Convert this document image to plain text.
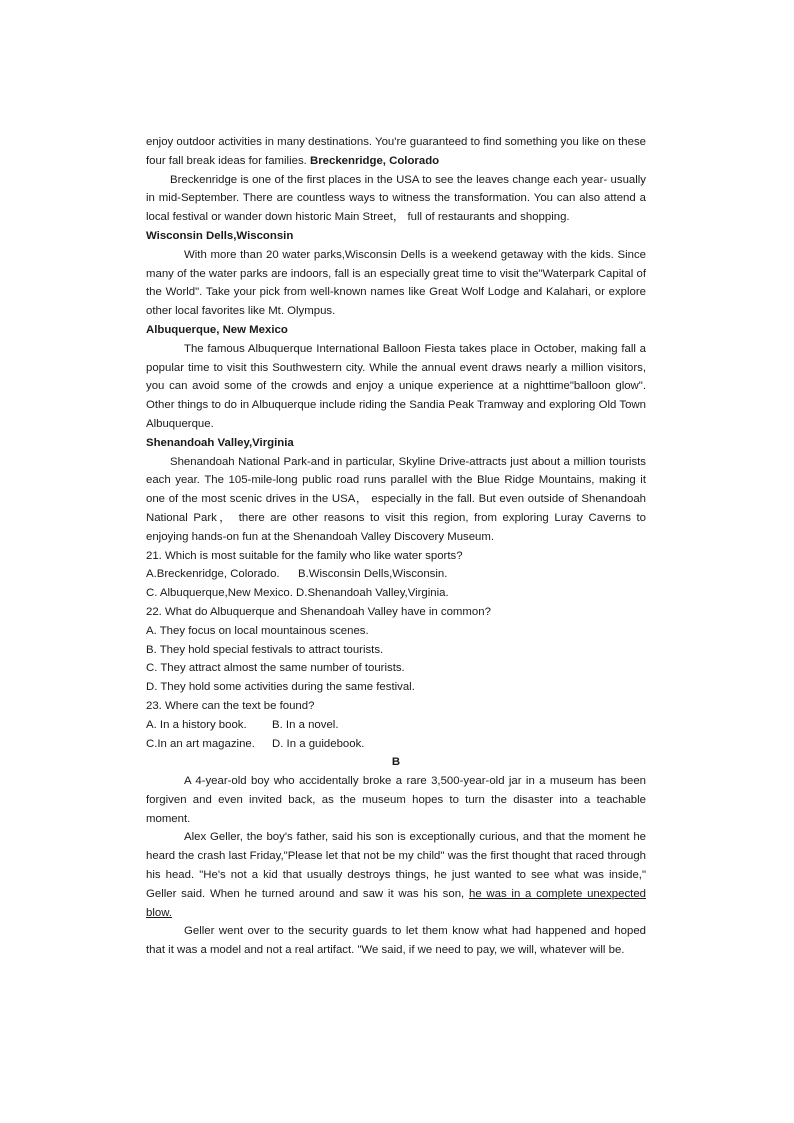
enjoy outdoor activities in many destinations. You're guaranteed to find something you like on these four fall break ideas for families. Breckenridge, Colorado

Breckenridge is one of the first places in the USA to see the leaves change each year- usually in mid-September. There are countless ways to witness the transformation. You can also attend a local festival or wander down historic Main Street， full of restaurants and shopping.

Wisconsin Dells,Wisconsin

With more than 20 water parks,Wisconsin Dells is a weekend getaway with the kids. Since many of the water parks are indoors, fall is an especially great time to visit the"Waterpark Capital of the World". Take your pick from well-known names like Great Wolf Lodge and Kalahari, or explore other local favorites like Mt. Olympus.

Albuquerque, New Mexico

The famous Albuquerque International Balloon Fiesta takes place in October, making fall a popular time to visit this Southwestern city. While the annual event draws nearly a million visitors, you can avoid some of the crowds and enjoy a unique experience at a nighttime"balloon glow". Other things to do in Albuquerque include riding the Sandia Peak Tramway and exploring Old Town Albuquerque.

Shenandoah Valley,Virginia

Shenandoah National Park-and in particular, Skyline Drive-attracts just about a million tourists each year. The 105-mile-long public road runs parallel with the Blue Ridge Mountains, making it one of the most scenic drives in the USA， especially in the fall. But even outside of Shenandoah National Park， there are other reasons to visit this region, from exploring Luray Caverns to enjoying hands-on fun at the Shenandoah Valley Discovery Museum.

21. Which is most suitable for the family who like water sports?

A.Breckenridge, Colorado. B.Wisconsin Dells,Wisconsin.

C. Albuquerque,New Mexico. D.Shenandoah Valley,Virginia.

22. What do Albuquerque and Shenandoah Valley have in common?

A. They focus on local mountainous scenes.

B. They hold special festivals to attract tourists.

C. They attract almost the same number of tourists.

D. They hold some activities during the same festival.

23. Where can the text be found?

A. In a history book. B. In a novel.

C.In an art magazine. D. In a guidebook.

B

A 4-year-old boy who accidentally broke a rare 3,500-year-old jar in a museum has been forgiven and even invited back, as the museum hopes to turn the disaster into a teachable moment.

Alex Geller, the boy's father, said his son is exceptionally curious, and that the moment he heard the crash last Friday,"Please let that not be my child" was the first thought that raced through his head. "He's not a kid that usually destroys things, he just wanted to see what was inside," Geller said. When he turned around and saw it was his son, he was in a complete unexpected blow.

Geller went over to the security guards to let them know what had happened and hoped that it was a model and not a real artifact. "We said, if we need to pay, we will, whatever will be.
